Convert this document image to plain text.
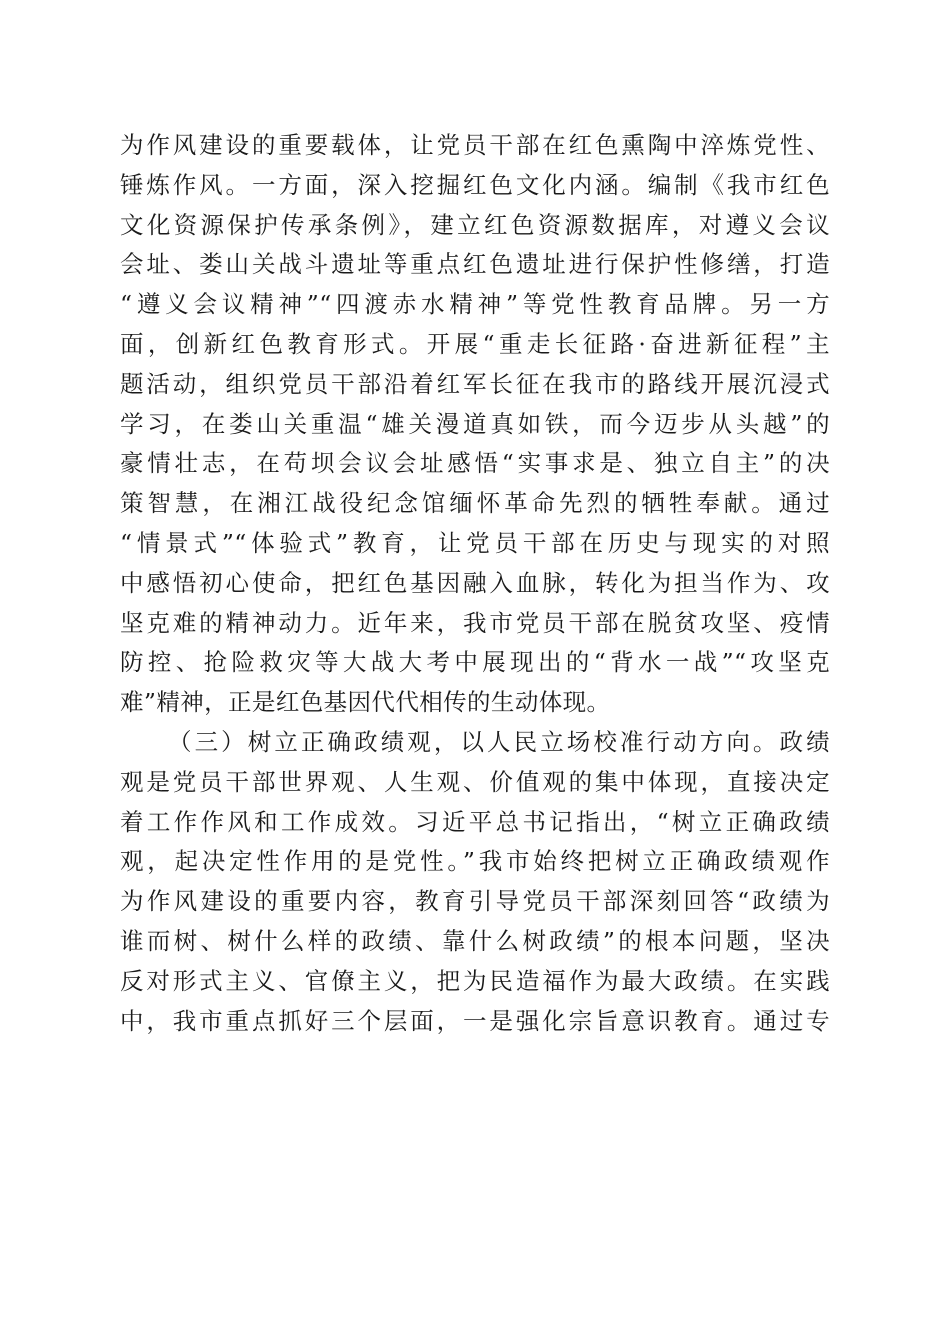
为作风建设的重要载体，让党员干部在红色熏陶中淬炼党性、
锤炼作风。一方面，深入挖掘红色文化内涵。编制《我市红色
文化资源保护传承条例》，建立红色资源数据库，对遵义会议
会址、娄山关战斗遗址等重点红色遗址进行保护性修缮，打造
“遵义会议精神”“四渡赤水精神”等党性教育品牌。另一方
面，创新红色教育形式。开展“重走长征路·奋进新征程”主
题活动，组织党员干部沿着红军长征在我市的路线开展沉浸式
学习，在娄山关重温“雄关漫道真如铁，而今迈步从头越”的
豪情壮志，在苟坝会议会址感悟“实事求是、独立自主”的决
策智慧，在湘江战役纪念馆缅怀革命先烈的牺牲奉献。通过
“情景式”“体验式”教育，让党员干部在历史与现实的对照
中感悟初心使命，把红色基因融入血脉，转化为担当作为、攻
坚克难的精神动力。近年来，我市党员干部在脱贫攻坚、疫情
防控、抢险救灾等大战大考中展现出的“背水一战”“攻坚克
难”精神，正是红色基因代代相传的生动体现。
（三）树立正确政绩观，以人民立场校准行动方向。政绩
观是党员干部世界观、人生观、价值观的集中体现，直接决定
着工作作风和工作成效。习近平总书记指出，“树立正确政绩
观，起决定性作用的是党性。”我市始终把树立正确政绩观作
为作风建设的重要内容，教育引导党员干部深刻回答“政绩为
谁而树、树什么样的政绩、靠什么树政绩”的根本问题，坚决
反对形式主义、官僚主义，把为民造福作为最大政绩。在实践
中，我市重点抓好三个层面，一是强化宗旨意识教育。通过专
